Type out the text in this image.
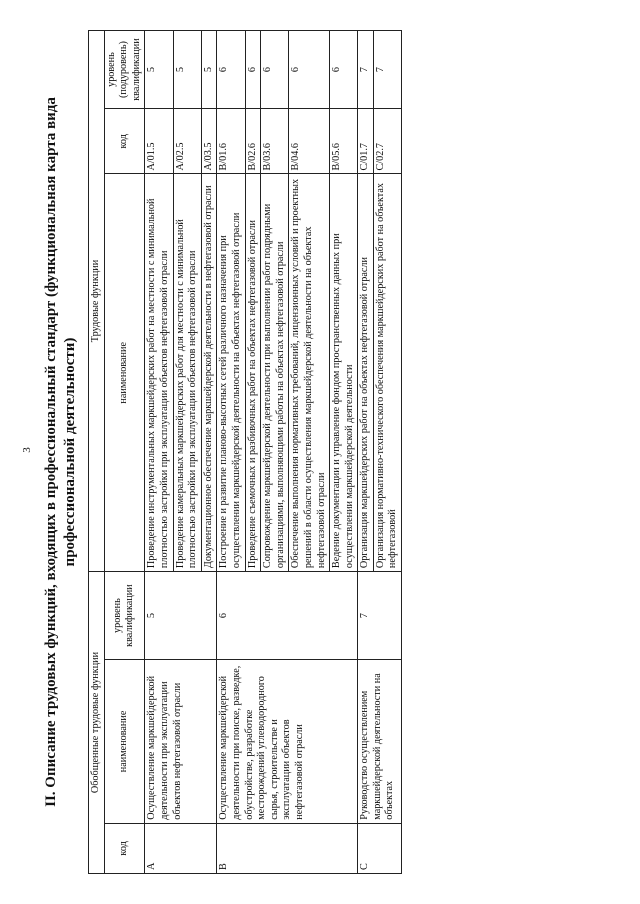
3 II. Описание трудовых функций, входящих в профессиональный стандарт (функциональная карта вида профессиональной деятельности)
Обобщенные трудовые функции			Трудовые функции		
код	наименование	уровень квалификации	наименование	код	уровень (подуровень) квалификации
A	Осуществление маркшейдерской деятельности при эксплуатации объектов нефтегазовой отрасли	5	Проведение инструментальных маркшейдерских работ на местности с минимальной плотностью застройки при эксплуатации объектов нефтегазовой отрасли	A/01.5	5
			Проведение камеральных маркшейдерских работ для местности с минимальной плотностью застройки при эксплуатации объектов нефтегазовой отрасли	A/02.5	5
			Документационное обеспечение маркшейдерской деятельности в нефтегазовой отрасли	A/03.5	5
B	Осуществление маркшейдерской деятельности при поиске, разведке, обустройстве, разработке месторождений углеводородного сырья, строительстве и эксплуатации объектов нефтегазовой отрасли	6	Построение и развитие планово-высотных сетей различного назначения при осуществлении маркшейдерской деятельности на объектах нефтегазовой отрасли	B/01.6	6
			Проведение съемочных и разбивочных работ на объектах нефтегазовой отрасли	B/02.6	6
			Сопровождение маркшейдерской деятельности при выполнении работ подрядными организациями, выполняющими работы на объектах нефтегазовой отрасли	B/03.6	6
			Обеспечение выполнения нормативных требований, лицензионных условий и проектных решений в области осуществления маркшейдерской деятельности на объектах нефтегазовой отрасли	B/04.6	6
			Ведение документации и управление фондом пространственных данных при осуществлении маркшейдерской деятельности	B/05.6	6
C	Руководство осуществлением маркшейдерской деятельности на объектах	7	Организация маркшейдерских работ на объектах нефтегазовой отрасли	C/01.7	7
			Организация нормативно-технического обеспечения маркшейдерских работ на объектах нефтегазовой	C/02.7	7
